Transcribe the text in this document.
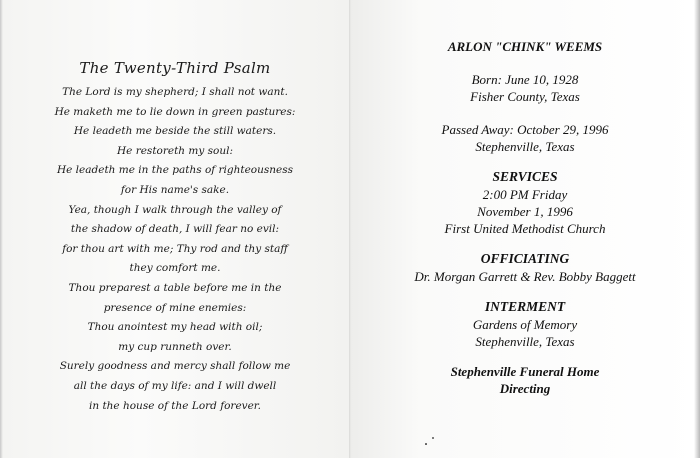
The Twenty-Third Psalm
The Lord is my shepherd; I shall not want.
He maketh me to lie down in green pastures:
He leadeth me beside the still waters.
He restoreth my soul:
He leadeth me in the paths of righteousness
for His name's sake.
Yea, though I walk through the valley of
the shadow of death, I will fear no evil:
for thou art with me; Thy rod and thy staff
they comfort me.
Thou preparest a table before me in the
presence of mine enemies:
Thou anointest my head with oil;
my cup runneth over.
Surely goodness and mercy shall follow me
all the days of my life: and I will dwell
in the house of the Lord forever.
ARLON "CHINK" WEEMS
Born: June 10, 1928
Fisher County, Texas
Passed Away: October 29, 1996
Stephenville, Texas
SERVICES
2:00 PM Friday
November 1, 1996
First United Methodist Church
OFFICIATING
Dr. Morgan Garrett & Rev. Bobby Baggett
INTERMENT
Gardens of Memory
Stephenville, Texas
Stephenville Funeral Home
Directing
